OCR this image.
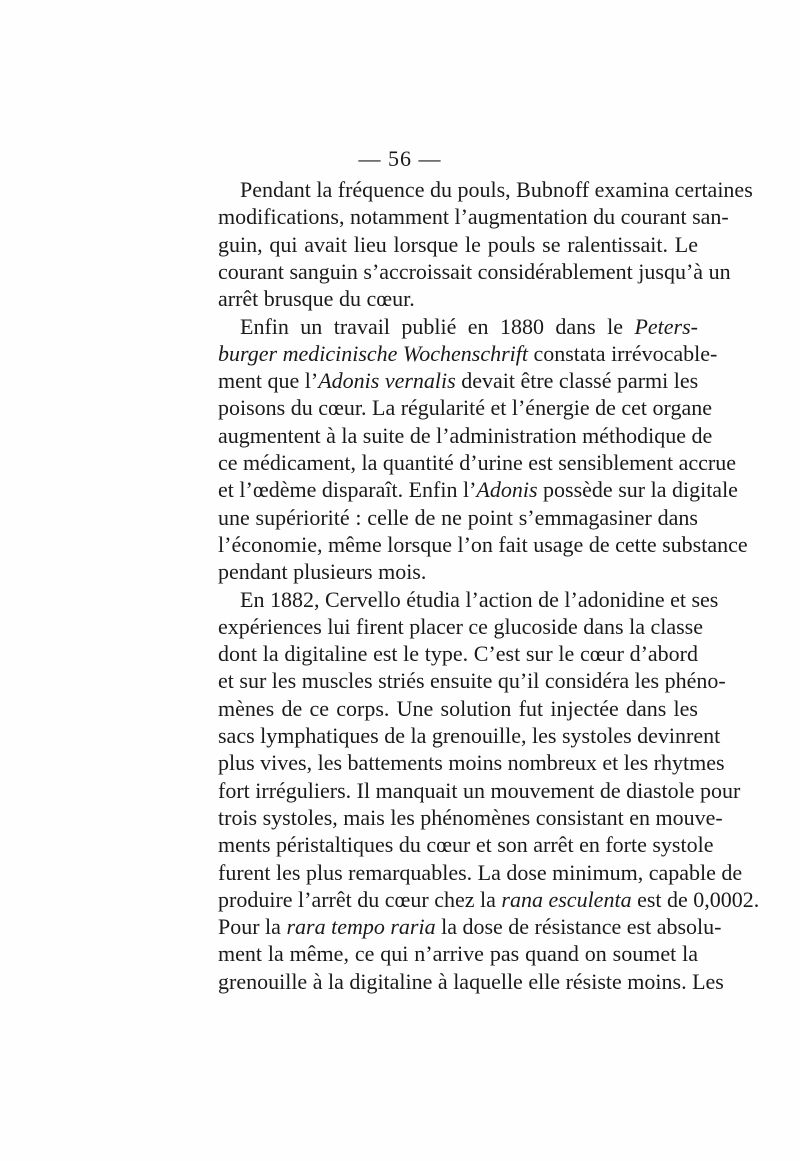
— 56 —
Pendant la fréquence du pouls, Bubnoff examina certaines
modifications, notamment l’augmentation du courant san-
guin, qui avait lieu lorsque le pouls se ralentissait. Le
courant sanguin s’accroissait considérablement jusqu’à un
arrêt brusque du cœur.
Enfin un travail publié en 1880 dans le Peters-
burger medicinische Wochenschrift constata irrévocable-
ment que l’Adonis vernalis devait être classé parmi les
poisons du cœur. La régularité et l’énergie de cet organe
augmentent à la suite de l’administration méthodique de
ce médicament, la quantité d’urine est sensiblement accrue
et l’œdème disparaît. Enfin l’Adonis possède sur la digitale
une supériorité : celle de ne point s’emmagasiner dans
l’économie, même lorsque l’on fait usage de cette substance
pendant plusieurs mois.
En 1882, Cervello étudia l’action de l’adonidine et ses
expériences lui firent placer ce glucoside dans la classe
dont la digitaline est le type. C’est sur le cœur d’abord
et sur les muscles striés ensuite qu’il considéra les phéno-
mènes de ce corps. Une solution fut injectée dans les
sacs lymphatiques de la grenouille, les systoles devinrent
plus vives, les battements moins nombreux et les rhytmes
fort irréguliers. Il manquait un mouvement de diastole pour
trois systoles, mais les phénomènes consistant en mouve-
ments péristaltiques du cœur et son arrêt en forte systole
furent les plus remarquables. La dose minimum, capable de
produire l’arrêt du cœur chez la rana esculenta est de 0,0002.
Pour la rara tempo raria la dose de résistance est absolu-
ment la même, ce qui n’arrive pas quand on soumet la
grenouille à la digitaline à laquelle elle résiste moins. Les
